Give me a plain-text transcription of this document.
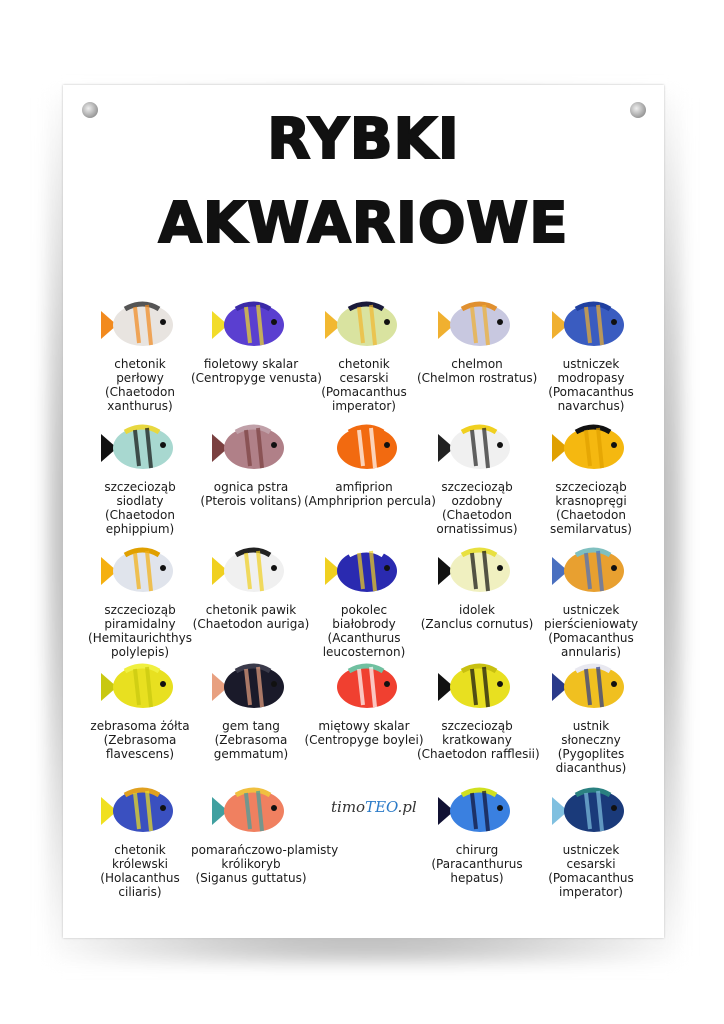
RYBKI
AKWARIOWE
chetonik
perłowy
(Chaetodon
xanthurus)
fioletowy skalar
(Centropyge venusta)
chetonik
cesarski
(Pomacanthus
imperator)
chelmon
(Chelmon rostratus)
ustniczek
modropasy
(Pomacanthus
navarchus)
szczecioząb
siodlaty
(Chaetodon
ephippium)
ognica pstra
(Pterois volitans)
amfiprion
(Amphriprion percula)
szczecioząb
ozdobny
(Chaetodon
ornatissimus)
szczecioząb
krasnopręgi
(Chaetodon
semilarvatus)
szczecioząb
piramidalny
(Hemitaurichthys
polylepis)
chetonik pawik
(Chaetodon auriga)
pokolec
białobrody
(Acanthurus
leucosternon)
idolek
(Zanclus cornutus)
ustniczek
pierścieniowaty
(Pomacanthus
annularis)
zebrasoma żółta
(Zebrasoma
flavescens)
gem tang
(Zebrasoma
gemmatum)
miętowy skalar
(Centropyge boylei)
szczecioząb
kratkowany
(Chaetodon rafflesii)
ustnik
słoneczny
(Pygoplites
diacanthus)
chetonik
królewski
(Holacanthus
ciliaris)
pomarańczowo-plamisty
królikoryb
(Siganus guttatus)
chirurg
(Paracanthurus
hepatus)
ustniczek
cesarski
(Pomacanthus
imperator)
timoTEO.pl
